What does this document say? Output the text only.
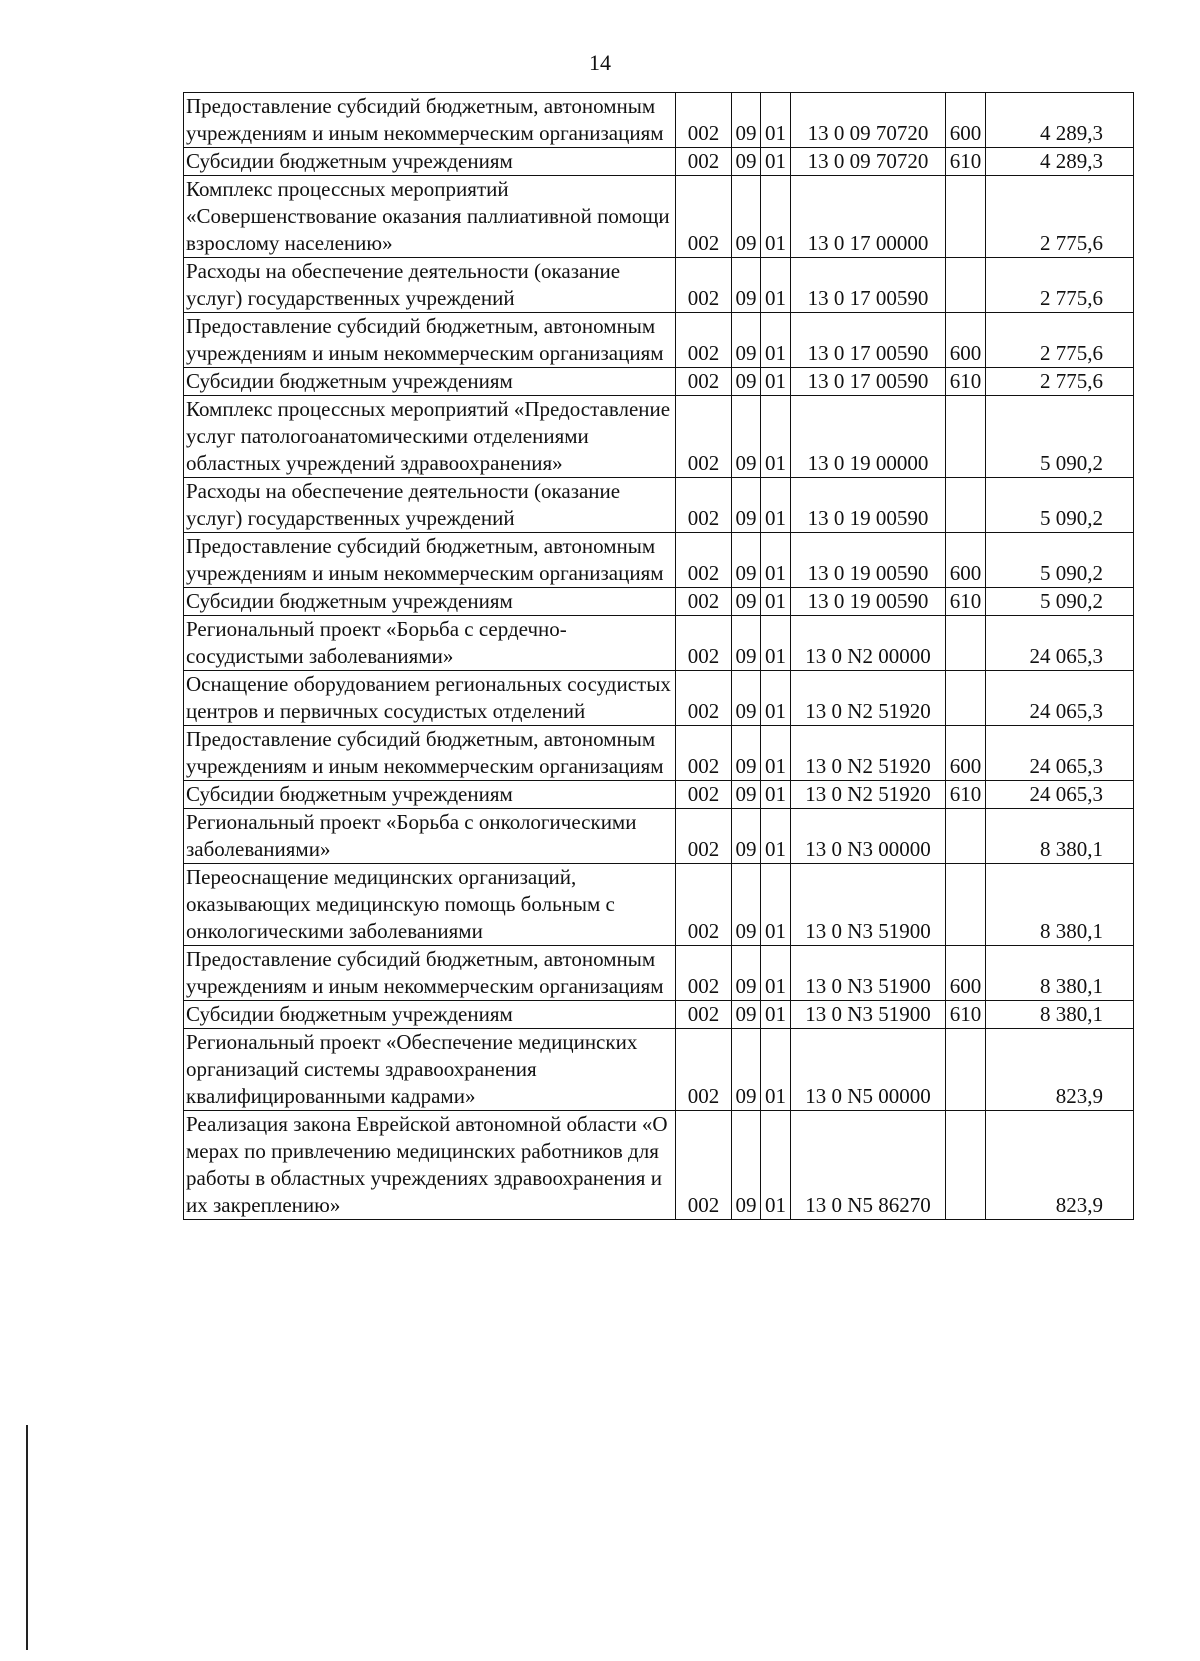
14
Предоставление субсидий бюджетным, автономным учреждениям и иным некоммерческим организациям	002	09	01	13 0 09 70720	600	4 289,3
Субсидии бюджетным учреждениям	002	09	01	13 0 09 70720	610	4 289,3
Комплекс процессных мероприятий «Совершенствование оказания паллиативной помощи взрослому населению»	002	09	01	13 0 17 00000		2 775,6
Расходы на обеспечение деятельности (оказание услуг) государственных учреждений	002	09	01	13 0 17 00590		2 775,6
Предоставление субсидий бюджетным, автономным учреждениям и иным некоммерческим организациям	002	09	01	13 0 17 00590	600	2 775,6
Субсидии бюджетным учреждениям	002	09	01	13 0 17 00590	610	2 775,6
Комплекс процессных мероприятий «Предоставление услуг патологоанатомическими отделениями областных учреждений здравоохранения»	002	09	01	13 0 19 00000		5 090,2
Расходы на обеспечение деятельности (оказание услуг) государственных учреждений	002	09	01	13 0 19 00590		5 090,2
Предоставление субсидий бюджетным, автономным учреждениям и иным некоммерческим организациям	002	09	01	13 0 19 00590	600	5 090,2
Субсидии бюджетным учреждениям	002	09	01	13 0 19 00590	610	5 090,2
Региональный проект «Борьба с сердечно-сосудистыми заболеваниями»	002	09	01	13 0 N2 00000		24 065,3
Оснащение оборудованием региональных сосудистых центров и первичных сосудистых отделений	002	09	01	13 0 N2 51920		24 065,3
Предоставление субсидий бюджетным, автономным учреждениям и иным некоммерческим организациям	002	09	01	13 0 N2 51920	600	24 065,3
Субсидии бюджетным учреждениям	002	09	01	13 0 N2 51920	610	24 065,3
Региональный проект «Борьба с онкологическими заболеваниями»	002	09	01	13 0 N3 00000		8 380,1
Переоснащение медицинских организаций, оказывающих медицинскую помощь больным с онкологическими заболеваниями	002	09	01	13 0 N3 51900		8 380,1
Предоставление субсидий бюджетным, автономным учреждениям и иным некоммерческим организациям	002	09	01	13 0 N3 51900	600	8 380,1
Субсидии бюджетным учреждениям	002	09	01	13 0 N3 51900	610	8 380,1
Региональный проект «Обеспечение медицинских организаций системы здравоохранения квалифицированными кадрами»	002	09	01	13 0 N5 00000		823,9
Реализация закона Еврейской автономной области «О мерах по привлечению медицинских работников для работы в областных учреждениях здравоохранения и их закреплению»	002	09	01	13 0 N5 86270		823,9
